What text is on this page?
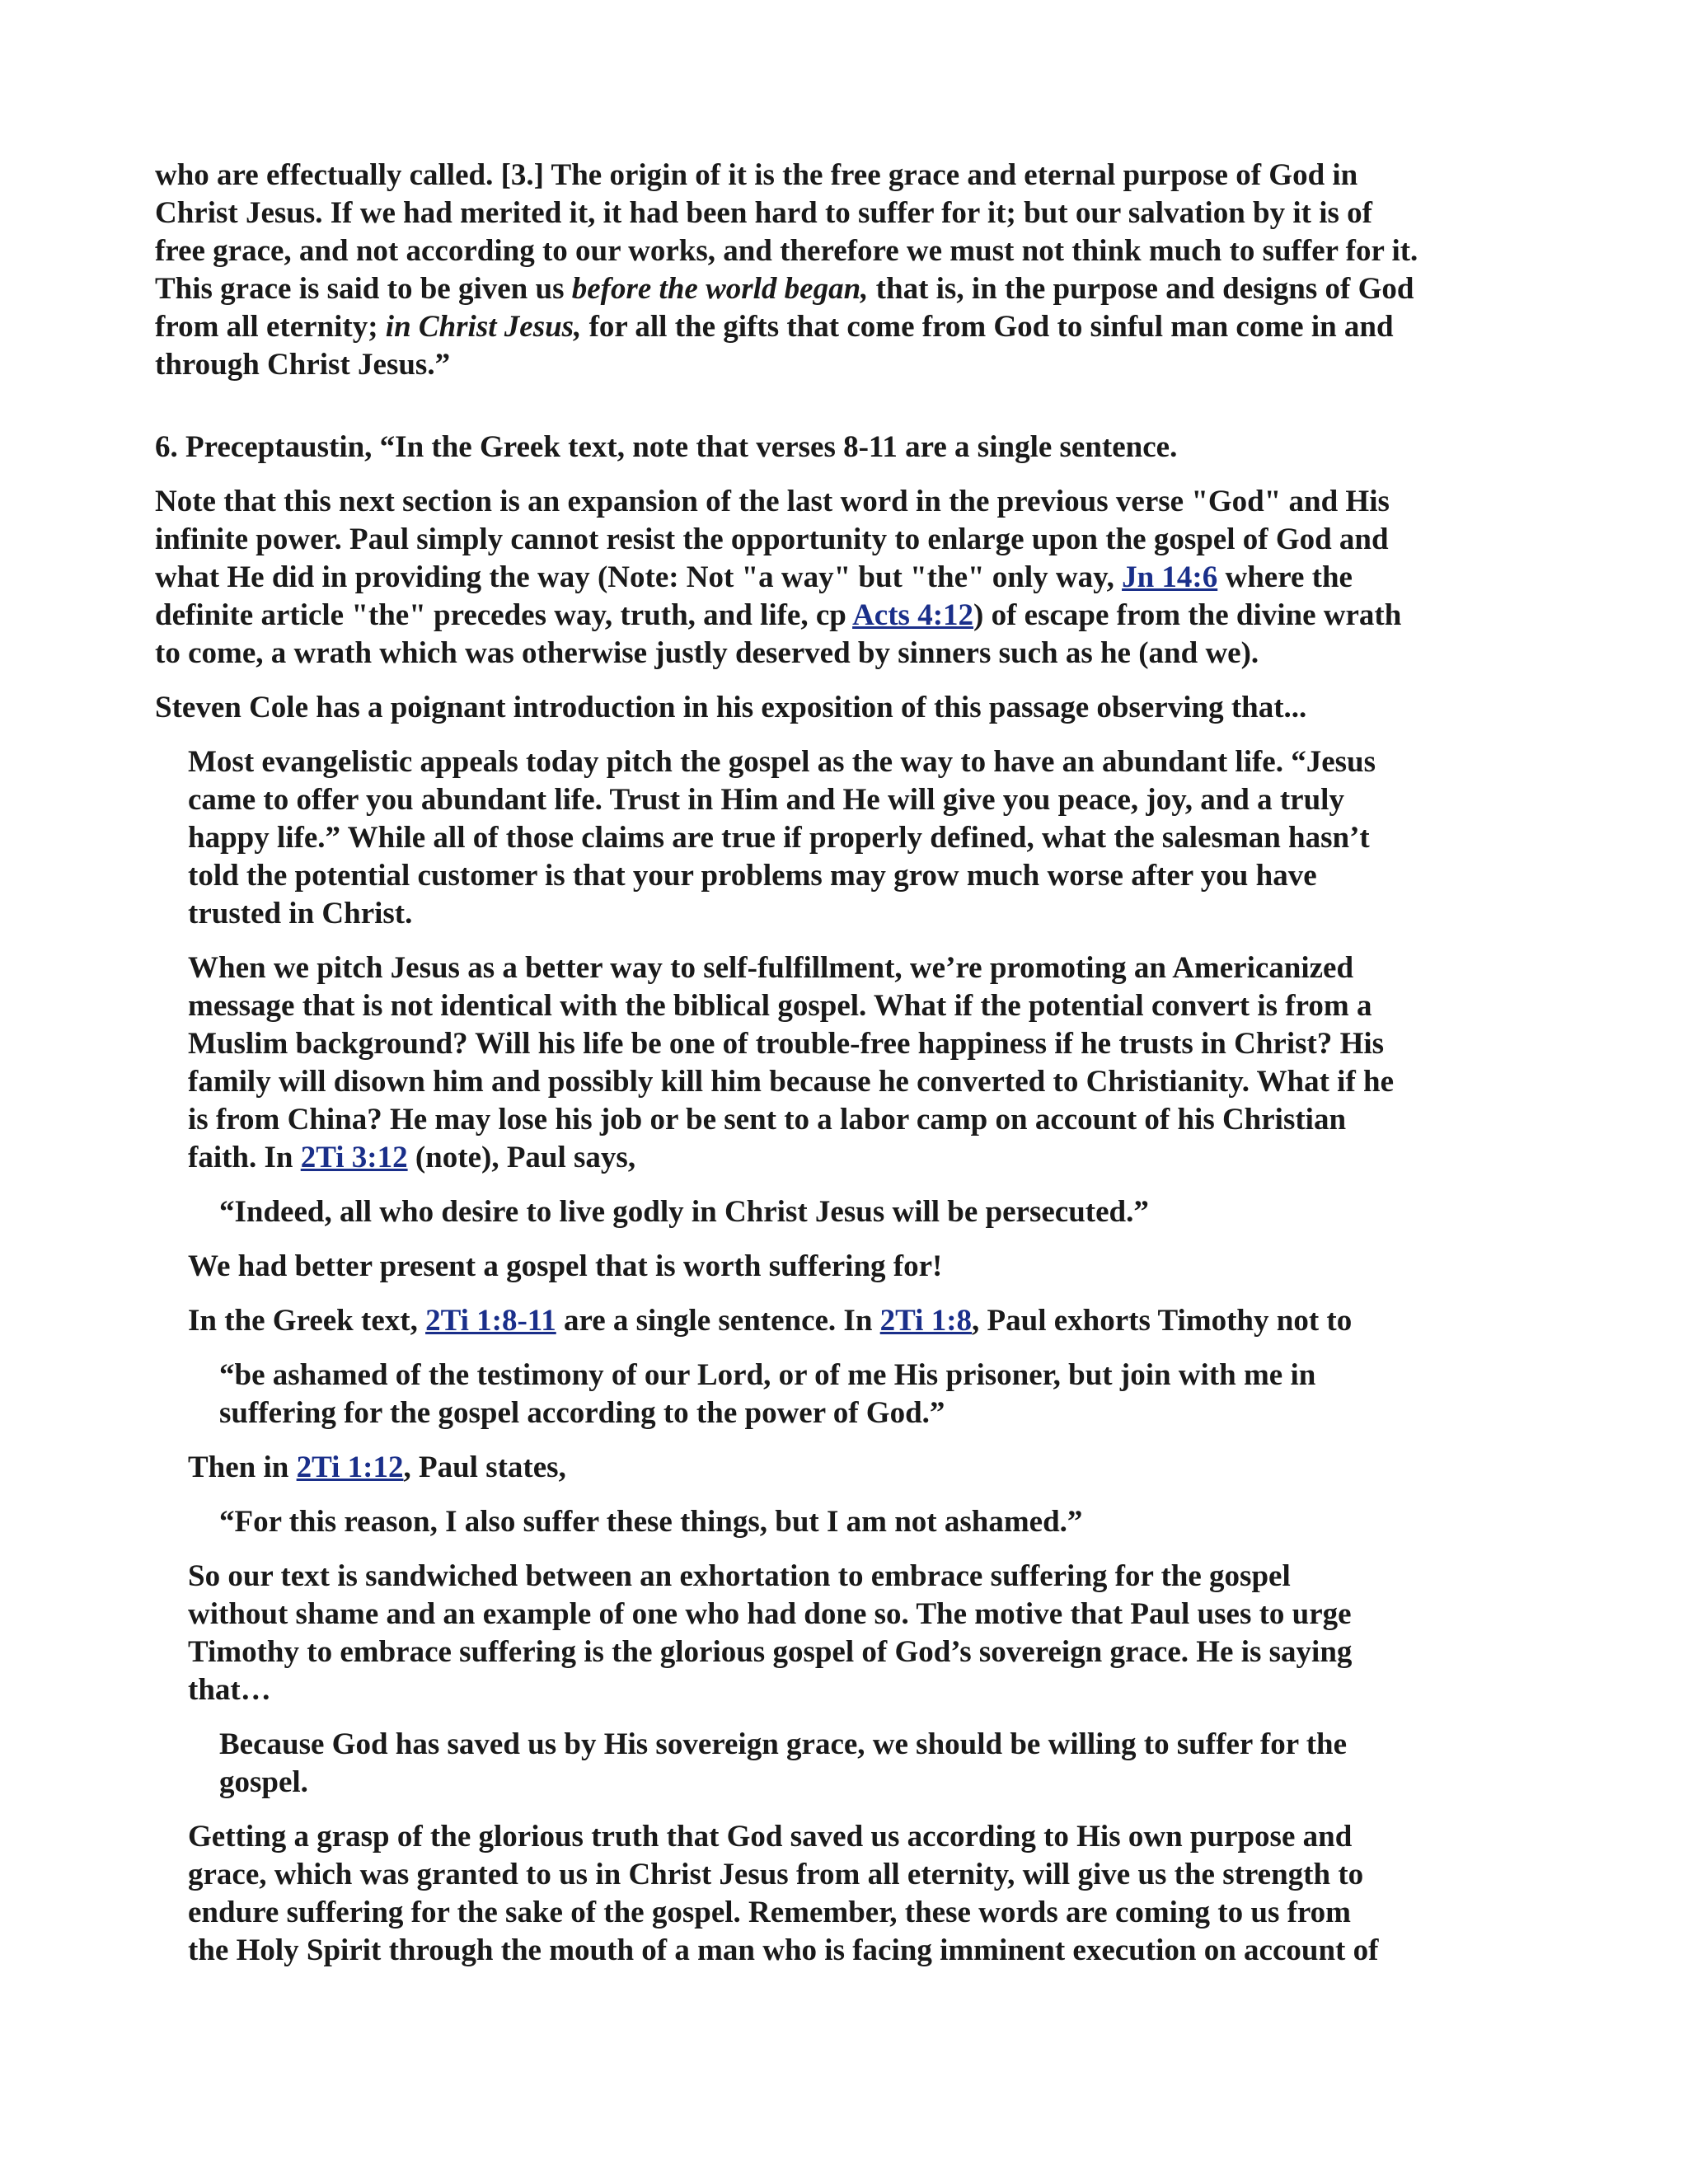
who are effectually called. [3.] The origin of it is the free grace and eternal purpose of God in
Christ Jesus. If we had merited it, it had been hard to suffer for it; but our salvation by it is of
free grace, and not according to our works, and therefore we must not think much to suffer for it.
This grace is said to be given us before the world began, that is, in the purpose and designs of God
from all eternity; in Christ Jesus, for all the gifts that come from God to sinful man come in and
through Christ Jesus.”

6. Preceptaustin, “In the Greek text, note that verses 8-11 are a single sentence.

Note that this next section is an expansion of the last word in the previous verse "God" and His
infinite power. Paul simply cannot resist the opportunity to enlarge upon the gospel of God and
what He did in providing the way (Note: Not "a way" but "the" only way, Jn 14:6 where the
definite article "the" precedes way, truth, and life, cp Acts 4:12) of escape from the divine wrath
to come, a wrath which was otherwise justly deserved by sinners such as he (and we).

Steven Cole has a poignant introduction in his exposition of this passage observing that...

Most evangelistic appeals today pitch the gospel as the way to have an abundant life. “Jesus
came to offer you abundant life. Trust in Him and He will give you peace, joy, and a truly
happy life.” While all of those claims are true if properly defined, what the salesman hasn’t
told the potential customer is that your problems may grow much worse after you have
trusted in Christ.

When we pitch Jesus as a better way to self-fulfillment, we’re promoting an Americanized
message that is not identical with the biblical gospel. What if the potential convert is from a
Muslim background? Will his life be one of trouble-free happiness if he trusts in Christ? His
family will disown him and possibly kill him because he converted to Christianity. What if he
is from China? He may lose his job or be sent to a labor camp on account of his Christian
faith. In 2Ti 3:12 (note), Paul says,

“Indeed, all who desire to live godly in Christ Jesus will be persecuted.”

We had better present a gospel that is worth suffering for!

In the Greek text, 2Ti 1:8-11 are a single sentence. In 2Ti 1:8, Paul exhorts Timothy not to

“be ashamed of the testimony of our Lord, or of me His prisoner, but join with me in
suffering for the gospel according to the power of God.”

Then in 2Ti 1:12, Paul states,

“For this reason, I also suffer these things, but I am not ashamed.”

So our text is sandwiched between an exhortation to embrace suffering for the gospel
without shame and an example of one who had done so. The motive that Paul uses to urge
Timothy to embrace suffering is the glorious gospel of God’s sovereign grace. He is saying
that…

Because God has saved us by His sovereign grace, we should be willing to suffer for the
gospel.

Getting a grasp of the glorious truth that God saved us according to His own purpose and
grace, which was granted to us in Christ Jesus from all eternity, will give us the strength to
endure suffering for the sake of the gospel. Remember, these words are coming to us from
the Holy Spirit through the mouth of a man who is facing imminent execution on account of
